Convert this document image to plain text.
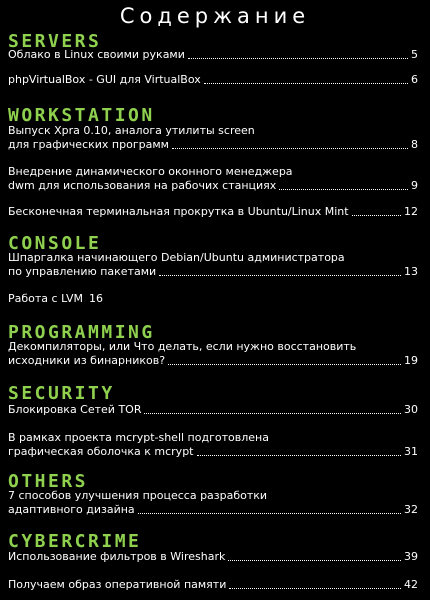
Содержание
SERVERS
Облако в Linux своими руками	5
phpVirtualBox - GUI для VirtualBox	6
WORKSTATION
Выпуск Xpra 0.10, аналога утилиты screen
для графических программ	8
Внедрение динамического оконного менеджера
dwm для использования на рабочих станциях	9
Бесконечная терминальная прокрутка в Ubuntu/Linux Mint	12
CONSOLE
Шпаргалка начинающего Debian/Ubuntu администратора
по управлению пакетами	13
Работа с LVM 16
PROGRAMMING
Декомпиляторы, или Что делать, если нужно восстановить
исходники из бинарников?	19
SECURITY
Блокировка Сетей TOR	30
В рамках проекта mcrypt-shell подготовлена
графическая оболочка к mcrypt	31
OTHERS
7 способов улучшения процесса разработки
адаптивного дизайна	32
CYBERCRIME
Использование фильтров в Wireshark	39
Получаем образ оперативной памяти	42
